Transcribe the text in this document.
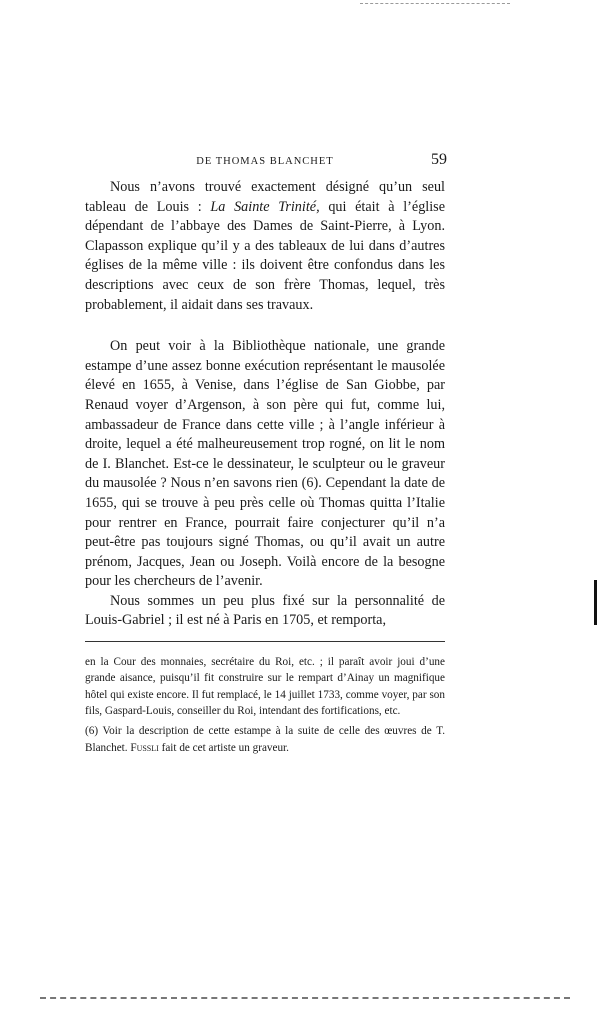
DE THOMAS BLANCHET	59

Nous n’avons trouvé exactement désigné qu’un seul tableau de Louis : La Sainte Trinité, qui était à l’église dépendant de l’abbaye des Dames de Saint-Pierre, à Lyon. Clapasson explique qu’il y a des tableaux de lui dans d’autres églises de la même ville : ils doivent être confondus dans les descriptions avec ceux de son frère Thomas, lequel, très probablement, il aidait dans ses travaux.

On peut voir à la Bibliothèque nationale, une grande estampe d’une assez bonne exécution représentant le mausolée élevé en 1655, à Venise, dans l’église de San Giobbe, par Renaud voyer d’Argenson, à son père qui fut, comme lui, ambassadeur de France dans cette ville ; à l’angle inférieur à droite, lequel a été malheureusement trop rogné, on lit le nom de I. Blanchet. Est-ce le dessinateur, le sculpteur ou le graveur du mausolée ? Nous n’en savons rien (6). Cependant la date de 1655, qui se trouve à peu près celle où Thomas quitta l’Italie pour rentrer en France, pourrait faire conjecturer qu’il n’a peut-être pas toujours signé Thomas, ou qu’il avait un autre prénom, Jacques, Jean ou Joseph. Voilà encore de la besogne pour les chercheurs de l’avenir.

Nous sommes un peu plus fixé sur la personnalité de Louis-Gabriel ; il est né à Paris en 1705, et remporta,

en la Cour des monnaies, secrétaire du Roi, etc. ; il paraît avoir joui d’une grande aisance, puisqu’il fit construire sur le rempart d’Ainay un magnifique hôtel qui existe encore. Il fut remplacé, le 14 juillet 1733, comme voyer, par son fils, Gaspard-Louis, conseiller du Roi, intendant des fortifications, etc.

(6) Voir la description de cette estampe à la suite de celle des œuvres de T. Blanchet. Fussli fait de cet artiste un graveur.
